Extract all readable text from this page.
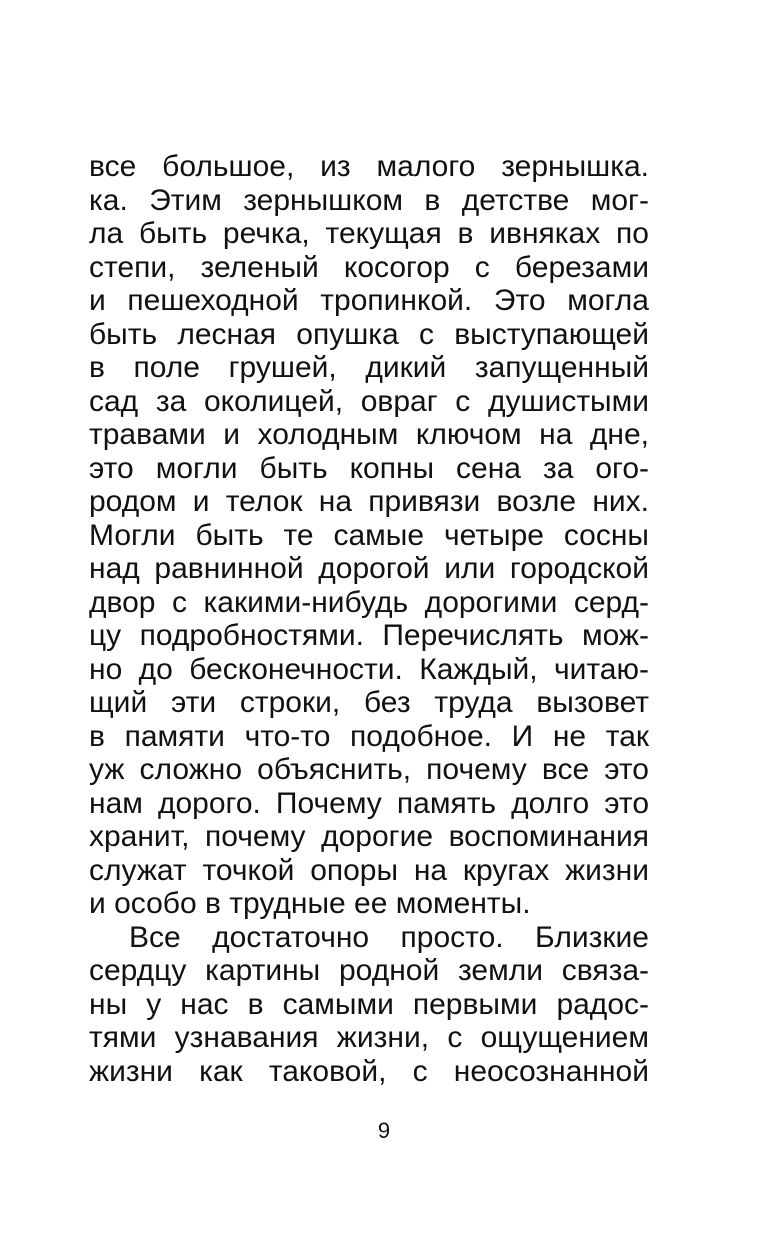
все большое, из малого зернышка.
ка. Этим зернышком в детстве мог-
ла быть речка, текущая в ивняках по
степи, зеленый косогор с березами
и пешеходной тропинкой. Это могла
быть лесная опушка с выступающей
в поле грушей, дикий запущенный
сад за околицей, овраг с душистыми
травами и холодным ключом на дне,
это могли быть копны сена за ого-
родом и телок на привязи возле них.
Могли быть те самые четыре сосны
над равнинной дорогой или городской
двор с какими-нибудь дорогими серд-
цу подробностями. Перечислять мож-
но до бесконечности. Каждый, читаю-
щий эти строки, без труда вызовет
в памяти что-то подобное. И не так
уж сложно объяснить, почему все это
нам дорого. Почему память долго это
хранит, почему дорогие воспоминания
служат точкой опоры на кругах жизни
и особо в трудные ее моменты.
Все достаточно просто. Близкие
сердцу картины родной земли связа-
ны у нас в самыми первыми радос-
тями узнавания жизни, с ощущением
жизни как таковой, с неосознанной
9
